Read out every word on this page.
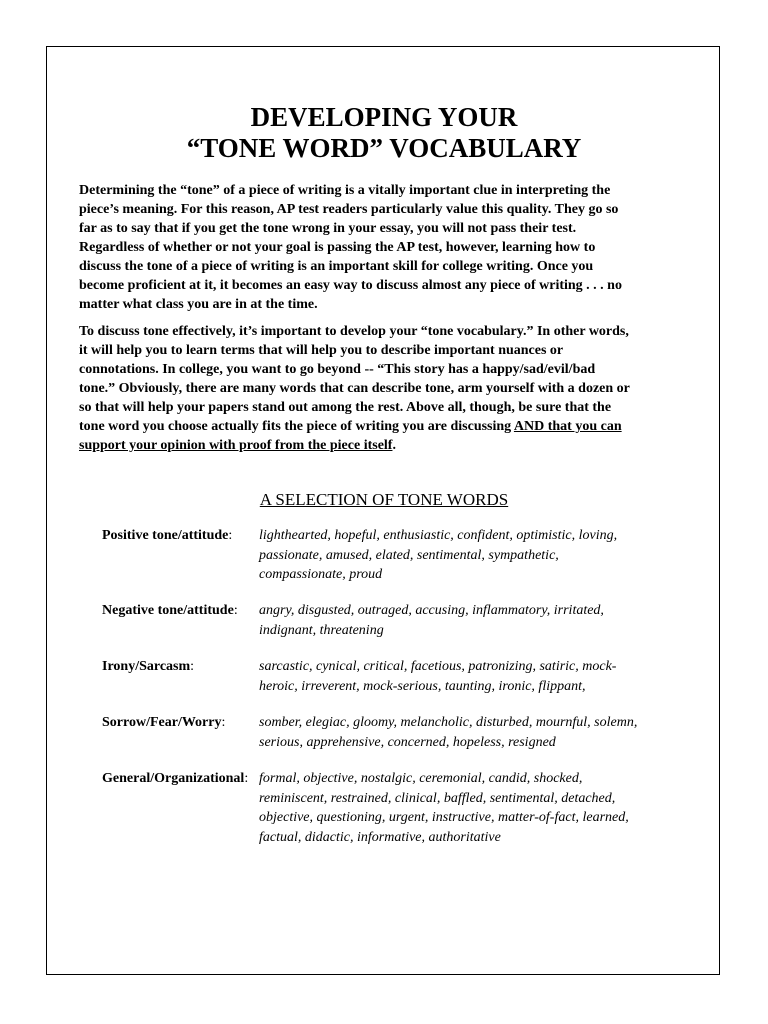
DEVELOPING YOUR
“TONE WORD” VOCABULARY
Determining the “tone” of a piece of writing is a vitally important clue in interpreting the
piece’s meaning. For this reason, AP test readers particularly value this quality. They go so
far as to say that if you get the tone wrong in your essay, you will not pass their test.
Regardless of whether or not your goal is passing the AP test, however, learning how to
discuss the tone of a piece of writing is an important skill for college writing. Once you
become proficient at it, it becomes an easy way to discuss almost any piece of writing . . . no
matter what class you are in at the time.
To discuss tone effectively, it’s important to develop your “tone vocabulary.” In other words,
it will help you to learn terms that will help you to describe important nuances or
connotations. In college, you want to go beyond -- “This story has a happy/sad/evil/bad
tone.” Obviously, there are many words that can describe tone, arm yourself with a dozen or
so that will help your papers stand out among the rest. Above all, though, be sure that the
tone word you choose actually fits the piece of writing you are discussing AND that you can
support your opinion with proof from the piece itself.
A SELECTION OF TONE WORDS
Positive tone/attitude: lighthearted, hopeful, enthusiastic, confident, optimistic, loving,
passionate, amused, elated, sentimental, sympathetic,
compassionate, proud
Negative tone/attitude: angry, disgusted, outraged, accusing, inflammatory, irritated,
indignant, threatening
Irony/Sarcasm:	sarcastic, cynical, critical, facetious, patronizing, satiric, mock-
heroic, irreverent, mock-serious, taunting, ironic, flippant,
Sorrow/Fear/Worry: somber, elegiac, gloomy, melancholic, disturbed, mournful, solemn,
serious, apprehensive, concerned, hopeless, resigned
General/Organizational: formal, objective, nostalgic, ceremonial, candid, shocked,
reminiscent, restrained, clinical, baffled, sentimental, detached,
objective, questioning, urgent, instructive, matter-of-fact, learned,
factual, didactic, informative, authoritative
